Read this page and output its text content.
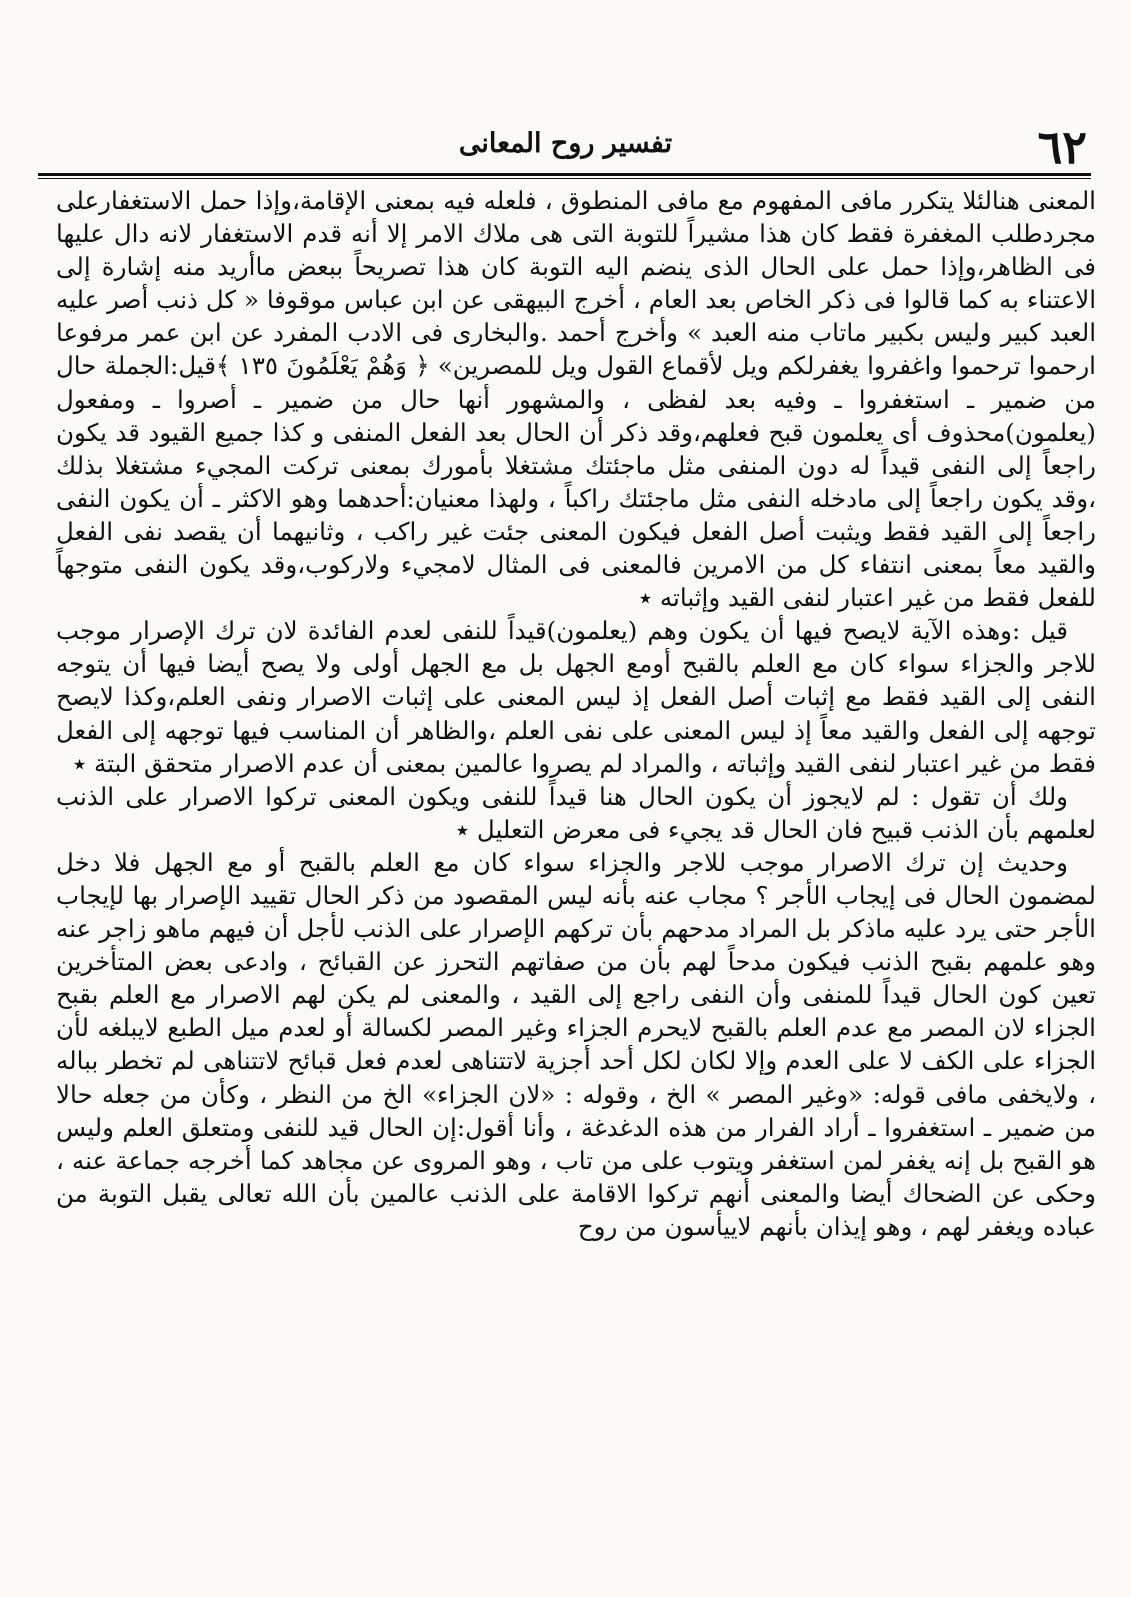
٦٢
تفسير روح المعانى

المعنى هنالئلا يتكرر مافى المفهوم مع مافى المنطوق ، فلعله فيه بمعنى الإقامة،وإذا حمل الاستغفارعلى مجردطلب المغفرة فقط كان هذا مشيراً للتوبة التى هى ملاك الامر إلا أنه قدم الاستغفار لانه دال عليها فى الظاهر،وإذا حمل على الحال الذى ينضم اليه التوبة كان هذا تصريحاً ببعض ماأريد منه إشارة إلى الاعتناء به كما قالوا فى ذكر الخاص بعد العام ، أخرج البيهقى عن ابن عباس موقوفا « كل ذنب أصر عليه العبد كبير وليس بكبير ماتاب منه العبد » وأخرج أحمد .والبخارى فى الادب المفرد عن ابن عمر مرفوعا ارحموا ترحموا واغفروا يغفرلكم ويل لأقماع القول ويل للمصرين» ﴿ وَهُمْ يَعْلَمُونَ ١٣٥ ﴾قيل:الجملة حال من ضمير ـ استغفروا ـ وفيه بعد لفظى ، والمشهور أنها حال من ضمير ـ أصروا ـ ومفعول (يعلمون)محذوف أى يعلمون قبح فعلهم،وقد ذكر أن الحال بعد الفعل المنفى و كذا جميع القيود قد يكون راجعاً إلى النفى قيداً له دون المنفى مثل ماجئتك مشتغلا بأمورك بمعنى تركت المجيء مشتغلا بذلك ،وقد يكون راجعاً إلى مادخله النفى مثل ماجئتك راكباً ، ولهذا معنيان:أحدهما وهو الاكثر ـ أن يكون النفى راجعاً إلى القيد فقط ويثبت أصل الفعل فيكون المعنى جئت غير راكب ، وثانيهما أن يقصد نفى الفعل والقيد معاً بمعنى انتفاء كل من الامرين فالمعنى فى المثال لامجيء ولاركوب،وقد يكون النفى متوجهاً للفعل فقط من غير اعتبار لنفى القيد وإثباته ٭

قيل :وهذه الآية لايصح فيها أن يكون وهم (يعلمون)قيداً للنفى لعدم الفائدة لان ترك الإصرار موجب للاجر والجزاء سواء كان مع العلم بالقبح أومع الجهل بل مع الجهل أولى ولا يصح أيضا فيها أن يتوجه النفى إلى القيد فقط مع إثبات أصل الفعل إذ ليس المعنى على إثبات الاصرار ونفى العلم،وكذا لايصح توجهه إلى الفعل والقيد معاً إذ ليس المعنى على نفى العلم ،والظاهر أن المناسب فيها توجهه إلى الفعل فقط من غير اعتبار لنفى القيد وإثباته ، والمراد لم يصروا عالمين بمعنى أن عدم الاصرار متحقق البتة ٭

ولك أن تقول : لم لايجوز أن يكون الحال هنا قيداً للنفى ويكون المعنى تركوا الاصرار على الذنب لعلمهم بأن الذنب قبيح فان الحال قد يجيء فى معرض التعليل ٭

وحديث إن ترك الاصرار موجب للاجر والجزاء سواء كان مع العلم بالقبح أو مع الجهل فلا دخل لمضمون الحال فى إيجاب الأجر ؟ مجاب عنه بأنه ليس المقصود من ذكر الحال تقييد الإصرار بها لإيجاب الأجر حتى يرد عليه ماذكر بل المراد مدحهم بأن تركهم الإصرار على الذنب لأجل أن فيهم ماهو زاجر عنه وهو علمهم بقبح الذنب فيكون مدحاً لهم بأن من صفاتهم التحرز عن القبائح ، وادعى بعض المتأخرين تعين كون الحال قيداً للمنفى وأن النفى راجع إلى القيد ، والمعنى لم يكن لهم الاصرار مع العلم بقبح الجزاء لان المصر مع عدم العلم بالقبح لايحرم الجزاء وغير المصر لكسالة أو لعدم ميل الطبع لايبلغه لأن الجزاء على الكف لا على العدم وإلا لكان لكل أحد أجزية لاتتناهى لعدم فعل قبائح لاتتناهى لم تخطر بباله ، ولايخفى مافى قوله: «وغير المصر » الخ ، وقوله : «لان الجزاء» الخ من النظر ، وكأن من جعله حالا من ضمير ـ استغفروا ـ أراد الفرار من هذه الدغدغة ، وأنا أقول:إن الحال قيد للنفى ومتعلق العلم وليس هو القبح بل إنه يغفر لمن استغفر ويتوب على من تاب ، وهو المروى عن مجاهد كما أخرجه جماعة عنه ، وحكى عن الضحاك أيضا والمعنى أنهم تركوا الاقامة على الذنب عالمين بأن الله تعالى يقبل التوبة من عباده ويغفر لهم ، وهو إيذان بأنهم لاييأسون من روح
